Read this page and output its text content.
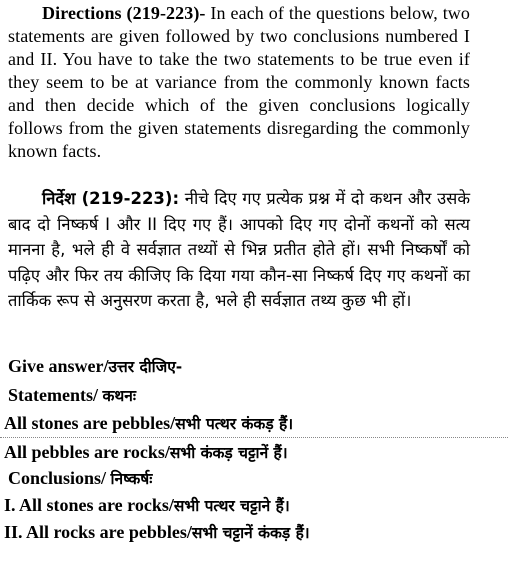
Directions (219-223)- In each of the questions below, two statements are given followed by two conclusions numbered I and II. You have to take the two statements to be true even if they seem to be at variance from the commonly known facts and then decide which of the given conclusions logically follows from the given statements disregarding the commonly known facts.
निर्देश (219-223): नीचे दिए गए प्रत्येक प्रश्न में दो कथन और उसके बाद दो निष्कर्ष I और II दिए गए हैं। आपको दिए गए दोनों कथनों को सत्य मानना है, भले ही वे सर्वज्ञात तथ्यों से भिन्न प्रतीत होते हों। सभी निष्कर्षों को पढ़िए और फिर तय कीजिए कि दिया गया कौन-सा निष्कर्ष दिए गए कथनों का तार्किक रूप से अनुसरण करता है, भले ही सर्वज्ञात तथ्य कुछ भी हों।
Give answer/उत्तर दीजिए-
Statements/ कथनः
All stones are pebbles/सभी पत्थर कंकड़ हैं।
All pebbles are rocks/सभी कंकड़ चट्टानें हैं।
Conclusions/ निष्कर्षः
I. All stones are rocks/सभी पत्थर चट्टाने हैं।
II. All rocks are pebbles/सभी चट्टानें कंकड़ हैं।
